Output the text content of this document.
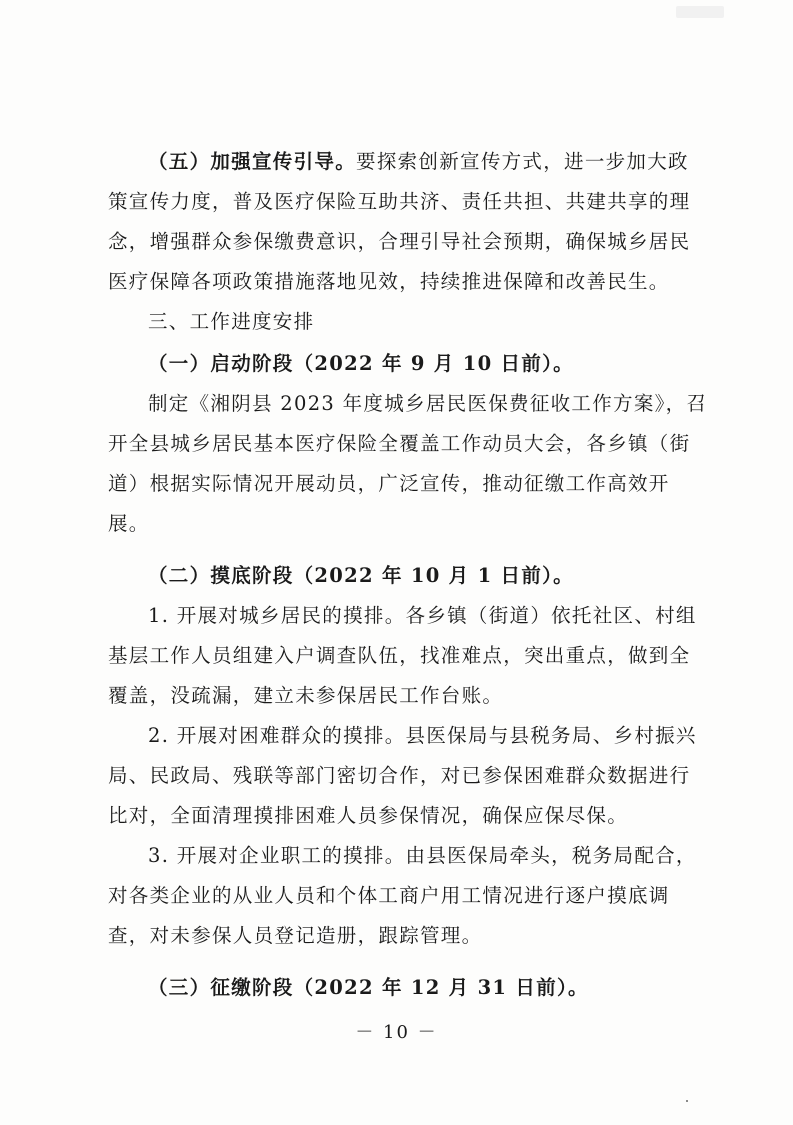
（五）加强宣传引导。要探索创新宣传方式，进一步加大政策宣传力度，普及医疗保险互助共济、责任共担、共建共享的理念，增强群众参保缴费意识，合理引导社会预期，确保城乡居民医疗保障各项政策措施落地见效，持续推进保障和改善民生。

三、工作进度安排

（一）启动阶段（2022 年 9 月 10 日前）。

制定《湘阴县 2023 年度城乡居民医保费征收工作方案》，召开全县城乡居民基本医疗保险全覆盖工作动员大会，各乡镇（街道）根据实际情况开展动员，广泛宣传，推动征缴工作高效开展。

（二）摸底阶段（2022 年 10 月 1 日前）。

1. 开展对城乡居民的摸排。各乡镇（街道）依托社区、村组基层工作人员组建入户调查队伍，找准难点，突出重点，做到全覆盖，没疏漏，建立未参保居民工作台账。

2. 开展对困难群众的摸排。县医保局与县税务局、乡村振兴局、民政局、残联等部门密切合作，对已参保困难群众数据进行比对，全面清理摸排困难人员参保情况，确保应保尽保。

3. 开展对企业职工的摸排。由县医保局牵头，税务局配合，对各类企业的从业人员和个体工商户用工情况进行逐户摸底调查，对未参保人员登记造册，跟踪管理。

（三）征缴阶段（2022 年 12 月 31 日前）。

－ 10 －
